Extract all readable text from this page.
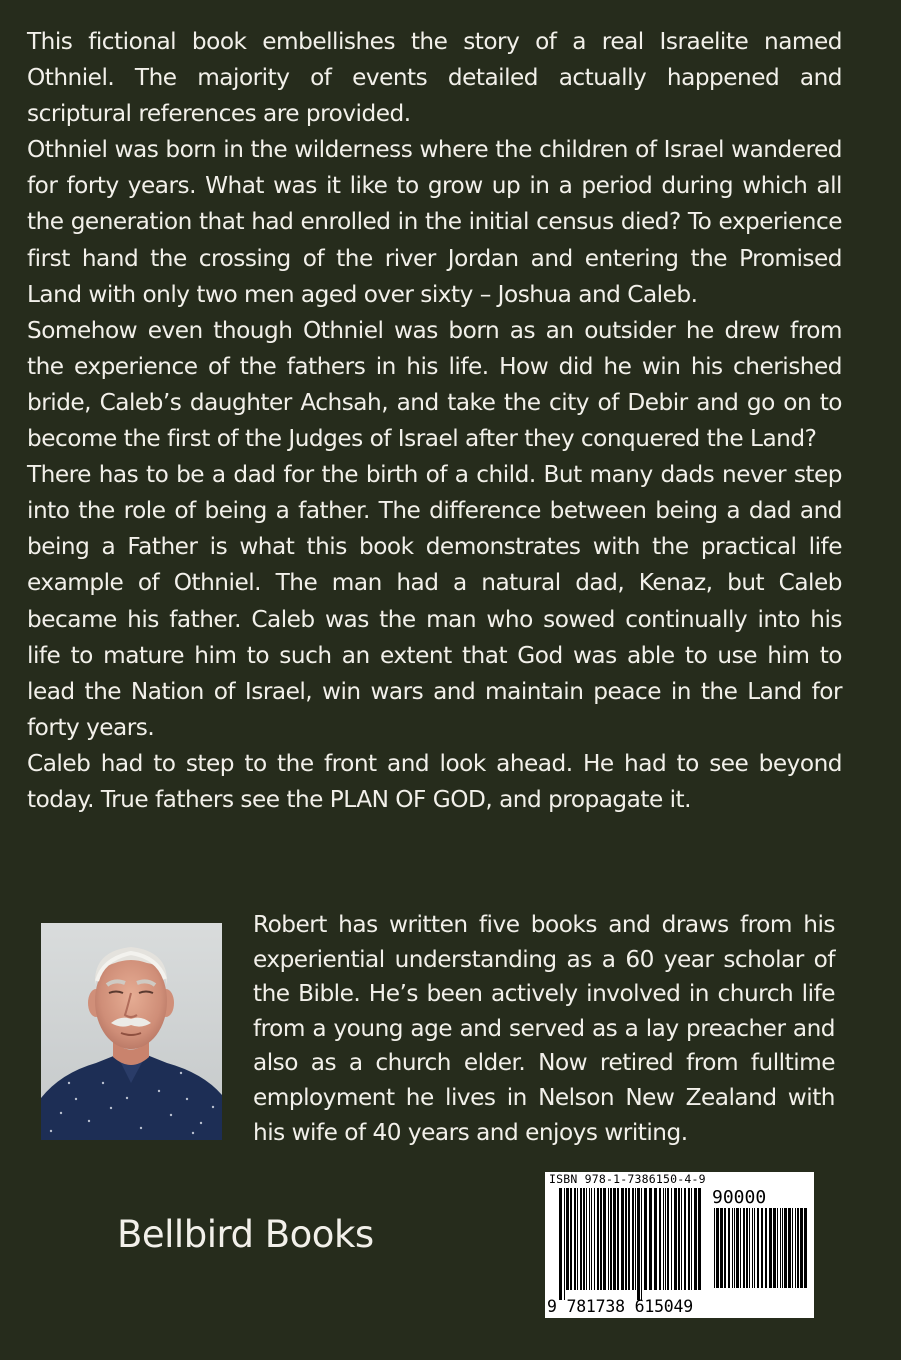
This fictional book embellishes the story of a real Israelite named Othniel. The majority of events detailed actually happened and scriptural references are provided.

Othniel was born in the wilderness where the children of Israel wandered for forty years. What was it like to grow up in a period during which all the generation that had enrolled in the initial census died? To experience first hand the crossing of the river Jordan and entering the Promised Land with only two men aged over sixty – Joshua and Caleb.

Somehow even though Othniel was born as an outsider he drew from the experience of the fathers in his life. How did he win his cherished bride, Caleb’s daughter Achsah, and take the city of Debir and go on to become the first of the Judges of Israel after they conquered the Land?

There has to be a dad for the birth of a child. But many dads never step into the role of being a father. The difference between being a dad and being a Father is what this book demonstrates with the practical life example of Othniel. The man had a natural dad, Kenaz, but Caleb became his father. Caleb was the man who sowed continually into his life to mature him to such an extent that God was able to use him to lead the Nation of Israel, win wars and maintain peace in the Land for forty years.

Caleb had to step to the front and look ahead. He had to see beyond today. True fathers see the PLAN OF GOD, and propagate it.

Robert has written five books and draws from his experiential understanding as a 60 year scholar of the Bible. He’s been actively involved in church life from a young age and served as a lay preacher and also as a church elder. Now retired from fulltime employment he lives in Nelson New Zealand with his wife of 40 years and enjoys writing.

Bellbird Books
ISBN 978-1-7386150-4-9
90000
9 781738 615049
